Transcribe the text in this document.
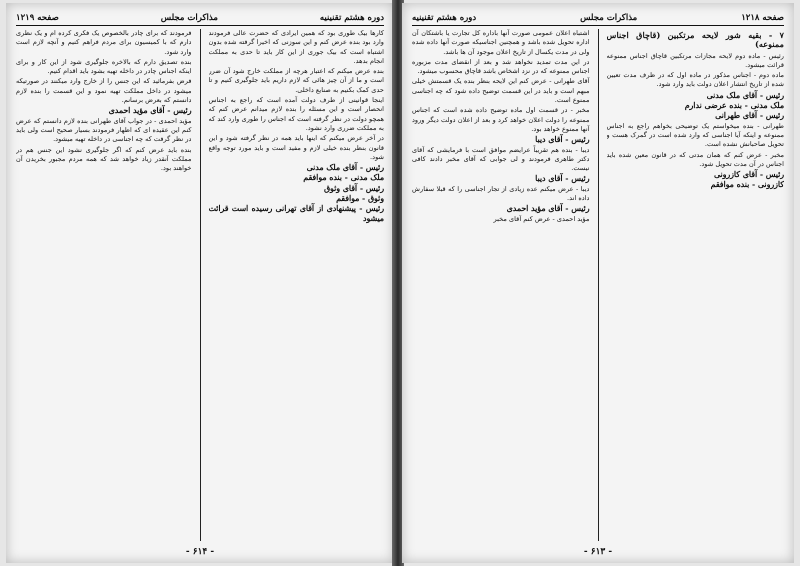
صفحه ۱۲۱۹	مذاکرات مجلس	دوره هشتم تقنینیه

کارها بیک طوری بود که همین ایرادی که حضرت عالی فرمودند وارد بود بنده عرض کنم و این سوزنی که اخیرا گرفته شده بدون اشتباه است که بیک جوری از این کار باید تا حدی به مملکت انجام بدهد.

بنده عرض میکنم که اعتبار هرچه از مملکت خارج شود آن ضرر است و ما از آن چیز هائی که لازم داریم باید جلوگیری کنیم و تا حدی کمک بکنیم به صنایع داخلی.

اینجا قوانینی از طرف دولت آمده است که راجع به اجناس انحصار است و این مسئله را بنده لازم میدانم عرض کنم که همچو دولت در نظر گرفته است که اجناس را طوری وارد کند که به مملکت ضرری وارد نشود.

در آخر عرض میکنم که اینها باید همه در نظر گرفته شود و این قانون بنظر بنده خیلی لازم و مفید است و باید مورد توجه واقع شود.

رئیس - آقای ملک مدنی
ملک مدنی - بنده موافقم
رئیس - آقای وثوق
وثوق - موافقم
رئیس - پیشنهادی از آقای تهرانی رسیده است قرائت میشود

فرمودند که برای چادر بالخصوص یک فکری کرده ام و یک نظری دارم که با کمیسیون برای مردم فراهم کنیم و آنچه لازم است وارد شود.

بنده تصدیق دارم که بالاخره جلوگیری شود از این کار و برای اینکه اجناس چادر در داخله تهیه بشود باید اقدام کنیم.

فرض بفرمائید که این جنس را از خارج وارد میکنند در صورتیکه میشود در داخل مملکت تهیه نمود و این قسمت را بنده لازم دانستم که بعرض برسانم.

رئیس - آقای مؤید احمدی

مؤید احمدی - در جواب آقای طهرانی بنده لازم دانستم که عرض کنم این عقیده ای که اظهار فرمودند بسیار صحیح است ولی باید در نظر گرفت که چه اجناسی در داخله تهیه میشود.

بنده باید عرض کنم که اگر جلوگیری نشود این جنس هم در مملکت آنقدر زیاد خواهد شد که همه مردم مجبور بخریدن آن خواهند بود.

- ۶۱۴ -
دوره هشتم تقنینیه	مذاکرات مجلس	صفحه ۱۲۱۸
۷ - بقیه شور لایحه مرتکبین (قاچاق اجناس ممنوعه)

رئیس - ماده دوم لایحه مجازات مرتکبین قاچاق اجناس ممنوعه قرائت میشود.

ماده دوم - اجناس مذکور در ماده اول که در ظرف مدت تعیین شده از تاریخ انتشار اعلان دولت باید وارد شود.

رئیس - آقای ملک مدنی
ملک مدنی - بنده عرضی ندارم
رئیس - آقای طهرانی

طهرانی - بنده میخواستم یک توضیحی بخواهم راجع به اجناس ممنوعه و اینکه آیا اجناسی که وارد شده است در گمرک هست و تحویل صاحبانش نشده است.

مخبر - عرض کنم که همان مدتی که در قانون معین شده باید اجناس در آن مدت تحویل شود.

رئیس - آقای کازرونی
کازرونی - بنده موافقم

اشتباه اعلان عمومی صورت آنها باداره کل تجارت یا باشتکان آن اداره تحویل شده باشد و همچنین اجناسیکه صورت آنها داده شده ولی در مدت یکسال از تاریخ اعلان موجود آن ها باشد.

در این مدت تمدید نخواهد شد و بعد از انقضای مدت مزبوره اجناس ممنوعه که در نزد اشخاص باشد قاچاق محسوب میشود.

آقای طهرانی - عرض کنم این لایحه بنظر بنده یک قسمتش خیلی مبهم است و باید در این قسمت توضیح داده شود که چه اجناسی ممنوع است.

مخبر - در قسمت اول ماده توضیح داده شده است که اجناس ممنوعه را دولت اعلان خواهد کرد و بعد از اعلان دولت دیگر ورود آنها ممنوع خواهد بود.

رئیس - آقای دیبا

دیبا - بنده هم تقریباً عرایضم موافق است با فرمایشی که آقای دکتر طاهری فرمودند و لی جوابی که آقای مخبر دادند کافی نیست.

رئیس - آقای دیبا

دیبا - عرض میکنم عده زیادی از تجار اجناسی را که قبلا سفارش داده اند.

رئیس - آقای مؤید احمدی

مؤید احمدی - عرض کنم آقای مخبر

- ۶۱۳ -
